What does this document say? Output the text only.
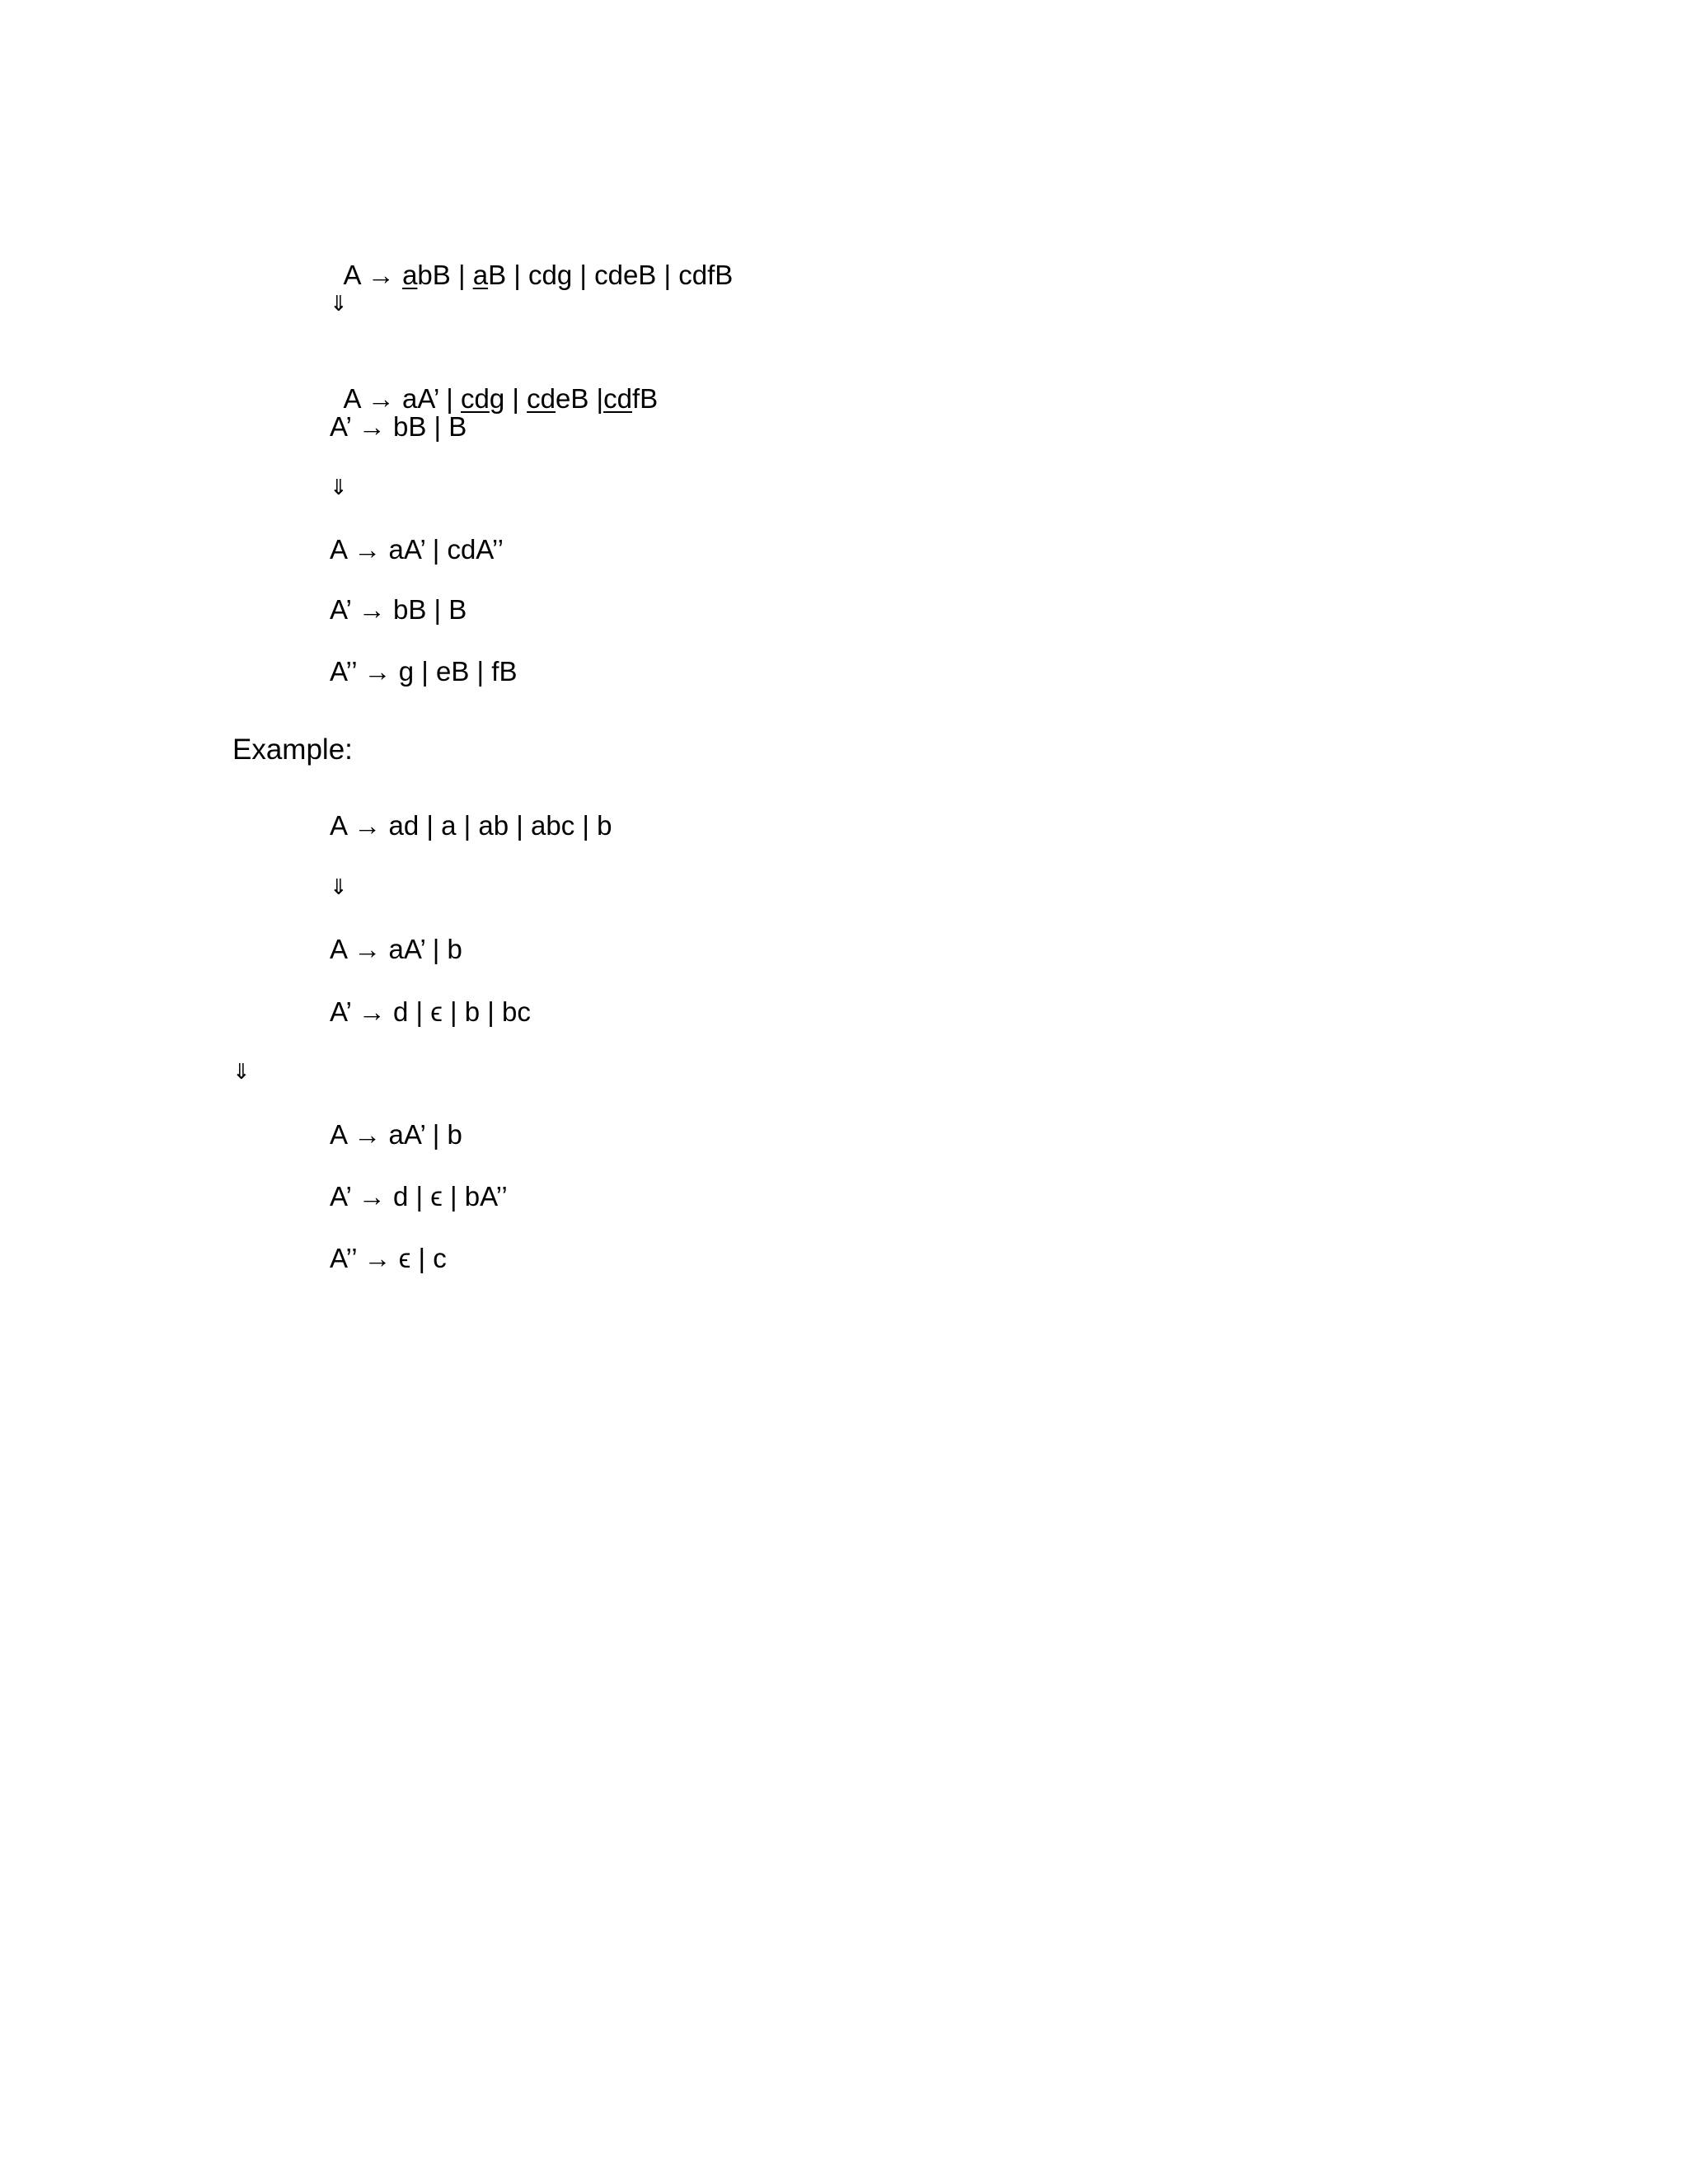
A → abB | aB | cdg | cdeB | cdfB

⇓

A → aA’ | cdg | cdeB |cdfB

A’ → bB | B
⇓
A → aA’ | cdA’’
A’ → bB | B
A’’ → g | eB | fB
Example:
A → ad | a | ab | abc | b
⇓
A → aA’ | b
A’ → d | ϵ | b | bc
⇓
A → aA’ | b
A’ → d | ϵ | bA’’
A’’ → ϵ | c
